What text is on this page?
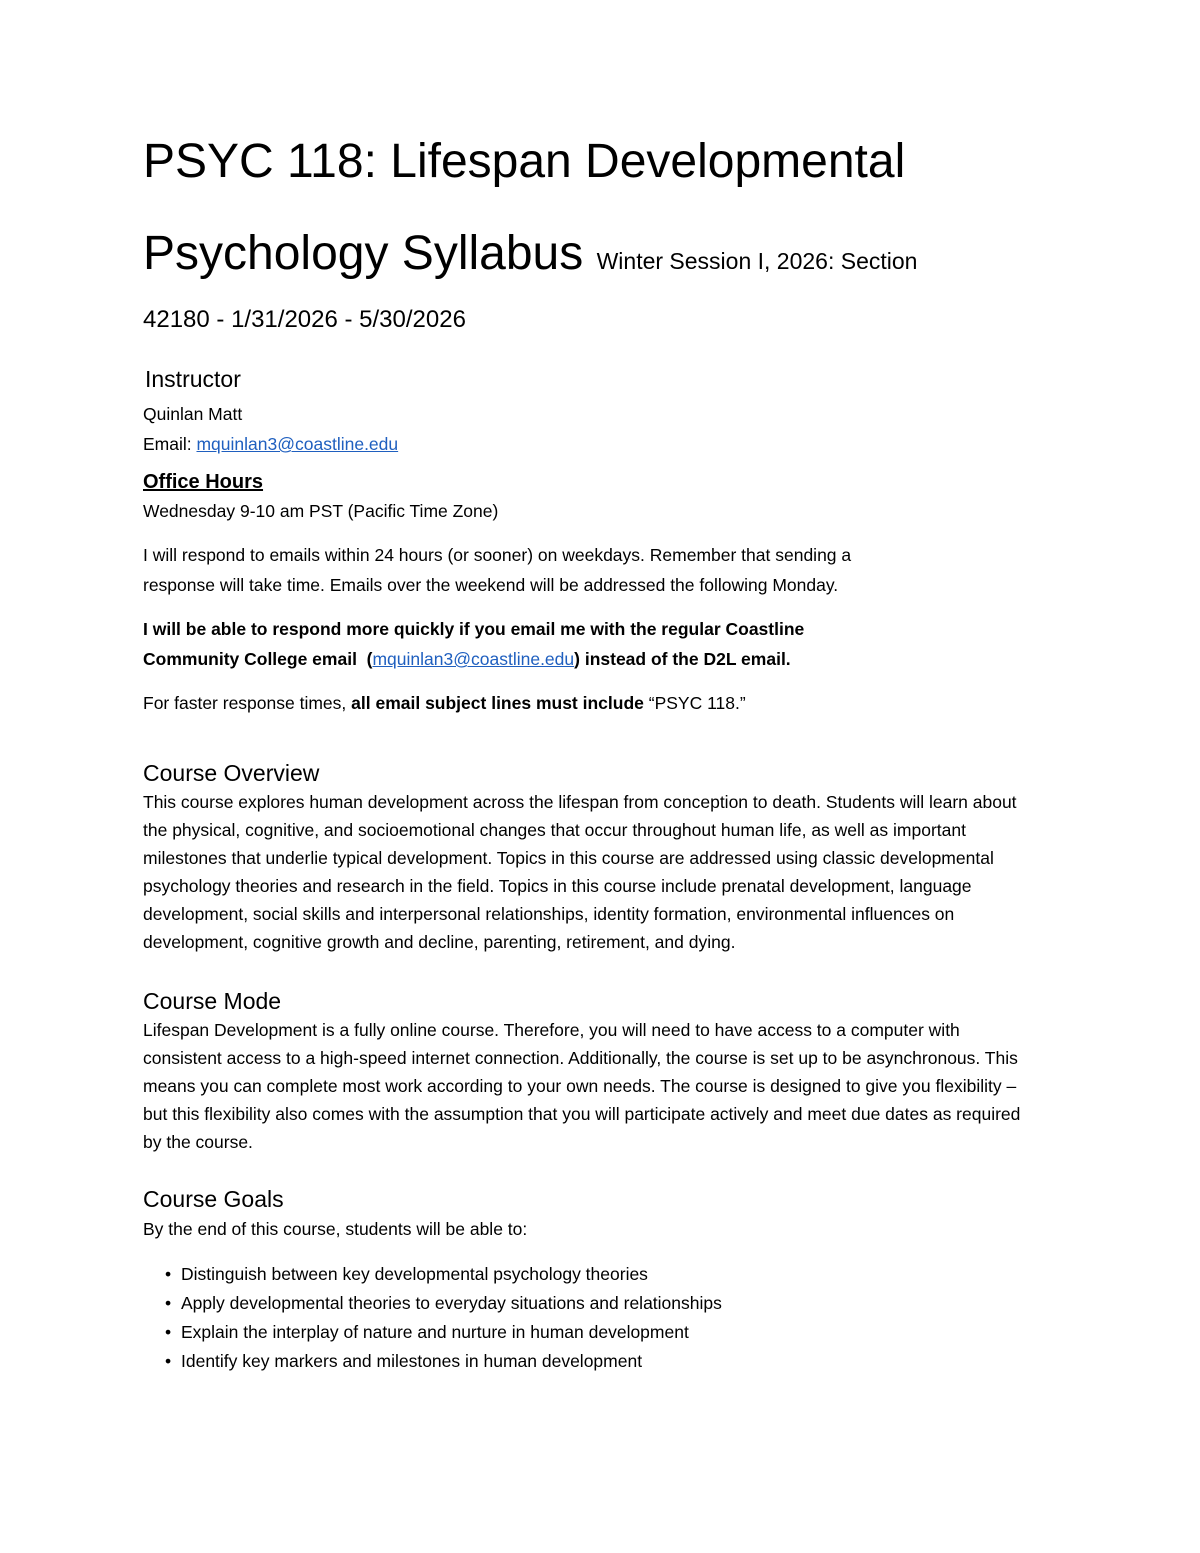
PSYC 118: Lifespan Developmental
Psychology Syllabus Winter Session I, 2026: Section
42180 - 1/31/2026 - 5/30/2026
Instructor
Quinlan Matt
Email: mquinlan3@coastline.edu
Office Hours
Wednesday 9-10 am PST (Pacific Time Zone)
I will respond to emails within 24 hours (or sooner) on weekdays. Remember that sending a
response will take time. Emails over the weekend will be addressed the following Monday.
I will be able to respond more quickly if you email me with the regular Coastline
Community College email  (mquinlan3@coastline.edu) instead of the D2L email.
For faster response times, all email subject lines must include “PSYC 118.”
Course Overview
This course explores human development across the lifespan from conception to death. Students will learn about the physical, cognitive, and socioemotional changes that occur throughout human life, as well as important milestones that underlie typical development. Topics in this course are addressed using classic developmental psychology theories and research in the field. Topics in this course include prenatal development, language development, social skills and interpersonal relationships, identity formation, environmental influences on development, cognitive growth and decline, parenting, retirement, and dying.
Course Mode
Lifespan Development is a fully online course. Therefore, you will need to have access to a computer with consistent access to a high-speed internet connection. Additionally, the course is set up to be asynchronous. This means you can complete most work according to your own needs. The course is designed to give you flexibility – but this flexibility also comes with the assumption that you will participate actively and meet due dates as required by the course.
Course Goals
By the end of this course, students will be able to:
• Distinguish between key developmental psychology theories
• Apply developmental theories to everyday situations and relationships
• Explain the interplay of nature and nurture in human development
• Identify key markers and milestones in human development
